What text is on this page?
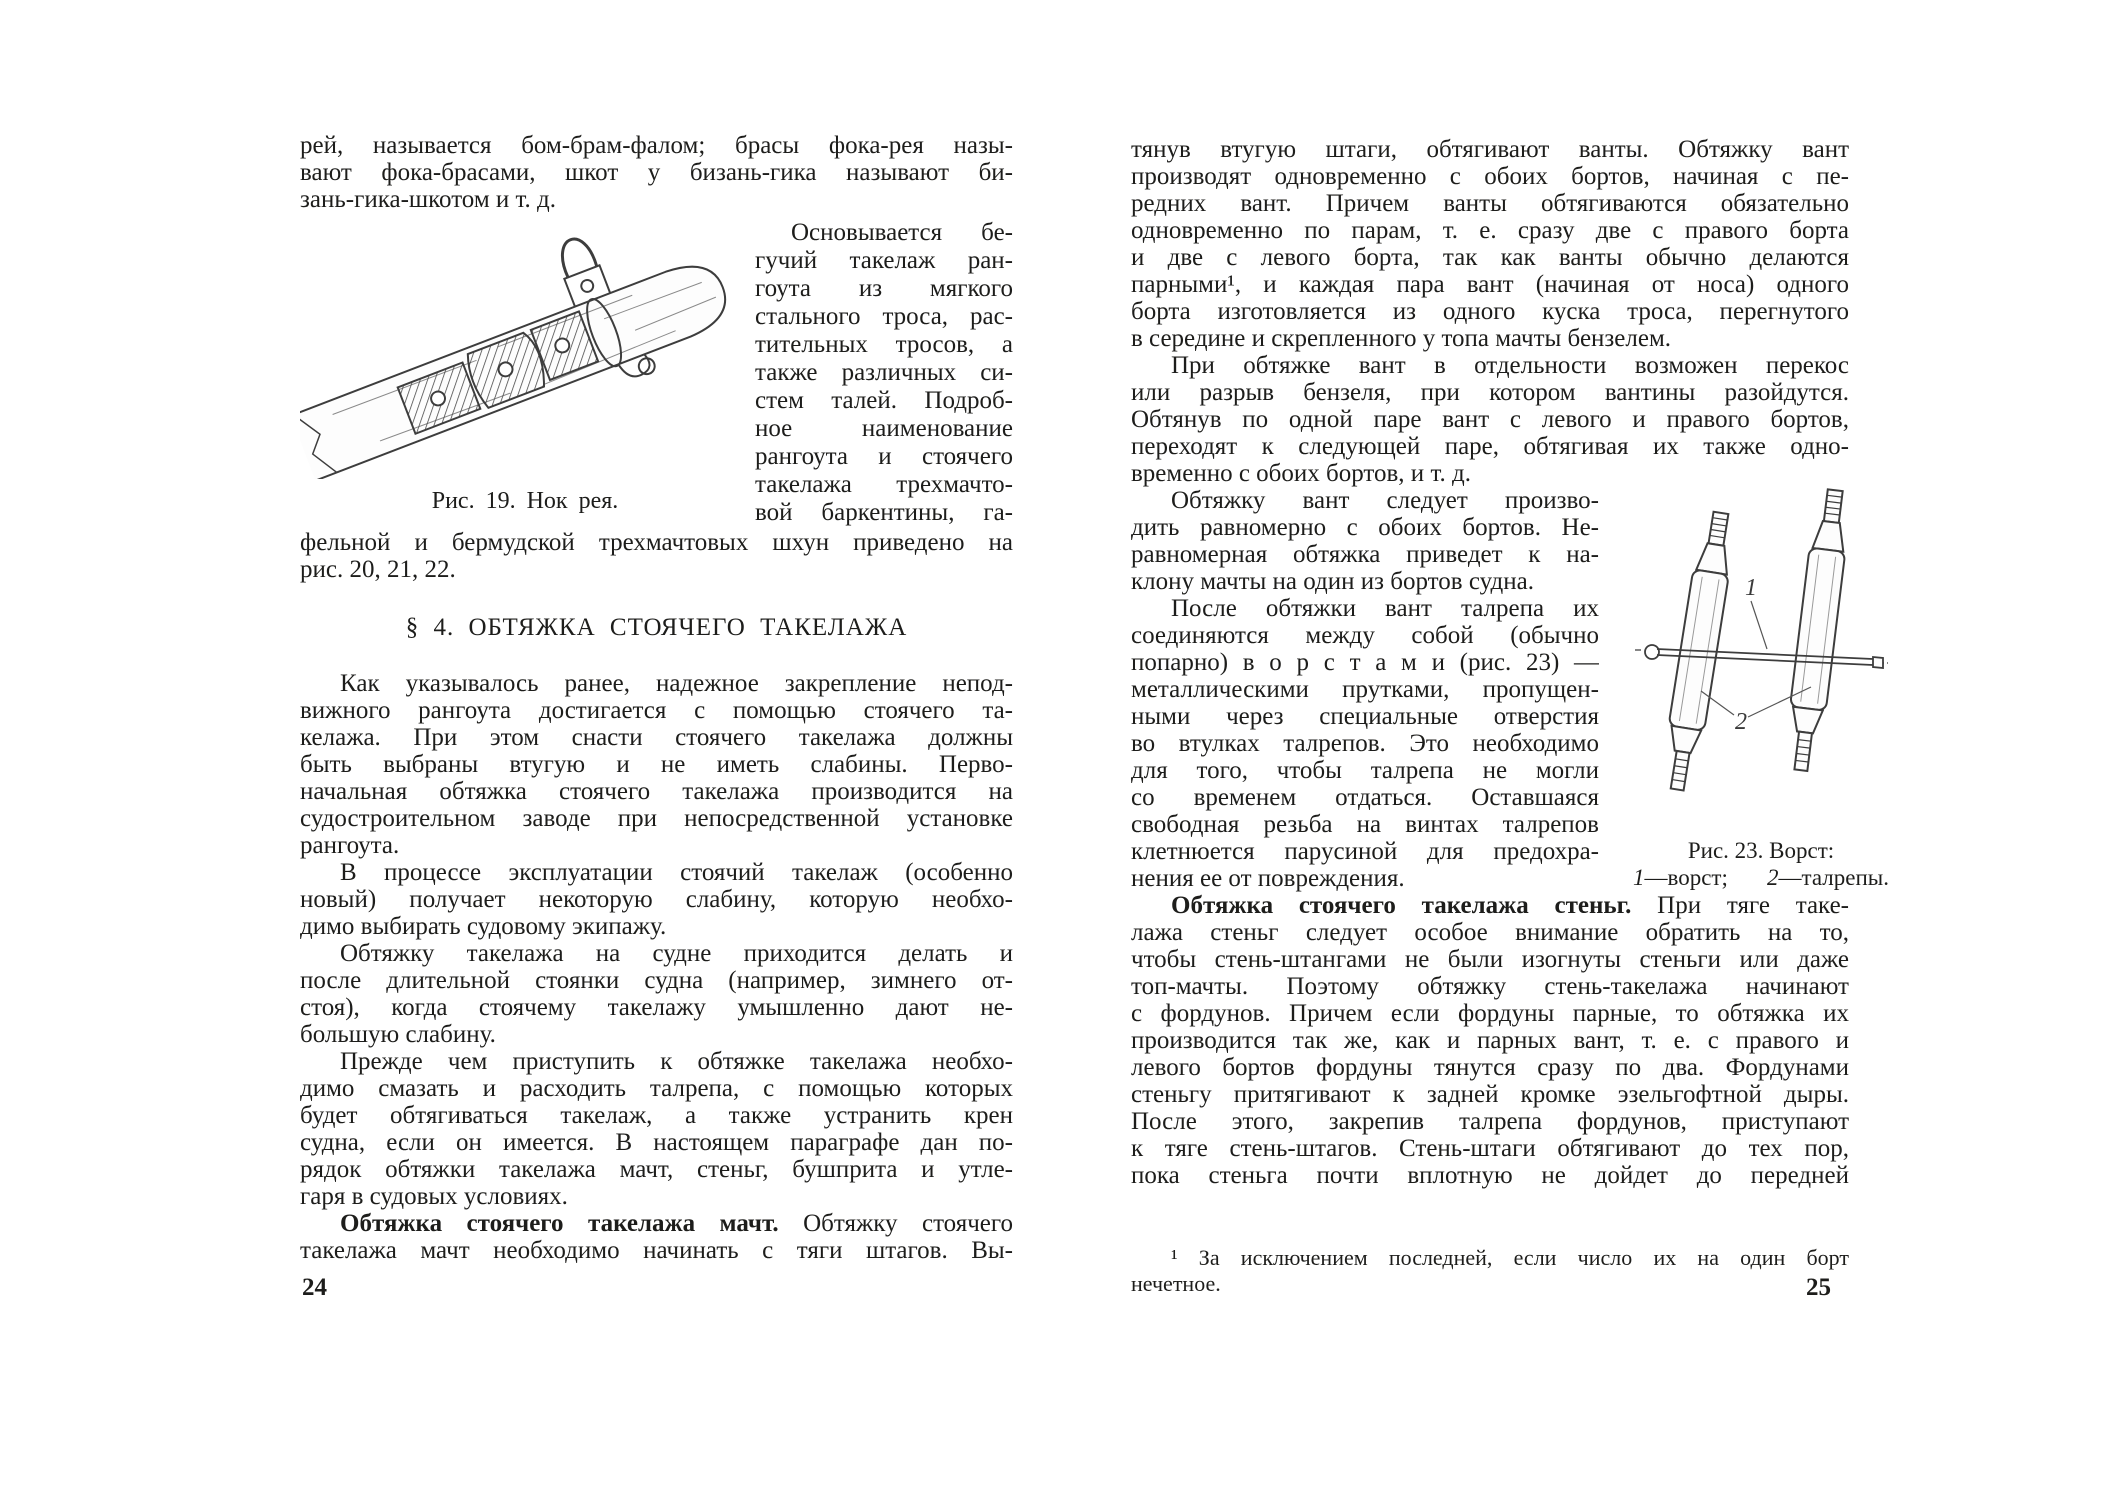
рей, называется бом-брам-фалом; брасы фока-рея назы-
вают фока-брасами, шкот у бизань-гика называют би-
зань-гика-шкотом и т. д.
Рис. 19. Нок рея.
Основывается бе-
гучий такелаж ран-
гоута из мягкого
стального троса, рас-
тительных тросов, а
также различных си-
стем талей. Подроб-
ное наименование
рангоута и стоячего
такелажа трехмачто-
вой баркентины, га-
фельной и бермудской трехмачтовых шхун приведено на
рис. 20, 21, 22.
§ 4. ОБТЯЖКА СТОЯЧЕГО ТАКЕЛАЖА
Как указывалось ранее, надежное закрепление непод-
вижного рангоута достигается с помощью стоячего та-
келажа. При этом снасти стоячего такелажа должны
быть выбраны втугую и не иметь слабины. Перво-
начальная обтяжка стоячего такелажа производится на
судостроительном заводе при непосредственной установке
рангоута.
В процессе эксплуатации стоячий такелаж (особенно
новый) получает некоторую слабину, которую необхо-
димо выбирать судовому экипажу.
Обтяжку такелажа на судне приходится делать и
после длительной стоянки судна (например, зимнего от-
стоя), когда стоячему такелажу умышленно дают не-
большую слабину.
Прежде чем приступить к обтяжке такелажа необхо-
димо смазать и расходить талрепа, с помощью которых
будет обтягиваться такелаж, а также устранить крен
судна, если он имеется. В настоящем параграфе дан по-
рядок обтяжки такелажа мачт, стеньг, бушприта и утле-
гаря в судовых условиях.
Обтяжка стоячего такелажа мачт. Обтяжку стоячего
такелажа мачт необходимо начинать с тяги штагов. Вы-
24
тянув втугую штаги, обтягивают ванты. Обтяжку вант
производят одновременно с обоих бортов, начиная с пе-
редних вант. Причем ванты обтягиваются обязательно
одновременно по парам, т. е. сразу две с правого борта
и две с левого борта, так как ванты обычно делаются
парными¹, и каждая пара вант (начиная от носа) одного
борта изготовляется из одного куска троса, перегнутого
в середине и скрепленного у топа мачты бензелем.
При обтяжке вант в отдельности возможен перекос
или разрыв бензеля, при котором вантины разойдутся.
Обтянув по одной паре вант с левого и правого бортов,
переходят к следующей паре, обтягивая их также одно-
временно с обоих бортов, и т. д.
Обтяжку вант следует произво-
дить равномерно с обоих бортов. Не-
равномерная обтяжка приведет к на-
клону мачты на один из бортов судна.
После обтяжки вант талрепа их
соединяются между собой (обычно
попарно) в о р с т а м и (рис. 23) —
металлическими прутками, пропущен-
ными через специальные отверстия
во втулках талрепов. Это необходимо
для того, чтобы талрепа не могли
со временем отдаться. Оставшаяся
свободная резьба на винтах талрепов
клетнюется парусиной для предохра-
нения ее от повреждения.
1
2
Рис. 23. Ворст:
1—ворст; 2—талрепы.
Обтяжка стоячего такелажа стеньг. При тяге таке-
лажа стеньг следует особое внимание обратить на то,
чтобы стень-штангами не были изогнуты стеньги или даже
топ-мачты. Поэтому обтяжку стень-такелажа начинают
с фордунов. Причем если фордуны парные, то обтяжка их
производится так же, как и парных вант, т. е. с правого и
левого бортов фордуны тянутся сразу по два. Фордунами
стеньгу притягивают к задней кромке эзельгофтной дыры.
После этого, закрепив талрепа фордунов, приступают
к тяге стень-штагов. Стень-штаги обтягивают до тех пор,
пока стеньга почти вплотную не дойдет до передней
¹ За исключением последней, если число их на один борт
нечетное.	25
